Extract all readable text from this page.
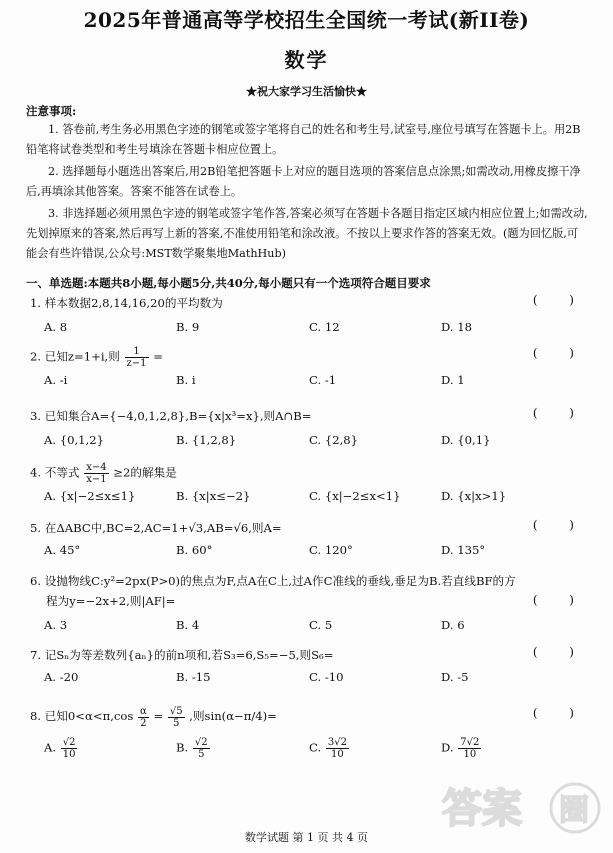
2025年普通高等学校招生全国统一考试(新II卷)
数学
★祝大家学习生活愉快★
注意事项:

1. 答卷前,考生务必用黑色字迹的钢笔或签字笔将自己的姓名和考生号,试室号,座位号填写在答题卡上。用2B铅笔将试卷类型和考生号填涂在答题卡相应位置上。

2. 选择题每小题选出答案后,用2B铅笔把答题卡上对应的题目选项的答案信息点涂黑;如需改动,用橡皮擦干净后,再填涂其他答案。答案不能答在试卷上。

3. 非选择题必须用黑色字迹的钢笔或签字笔作答,答案必须写在答题卡各题目指定区域内相应位置上;如需改动,先划掉原来的答案,然后再写上新的答案,不准使用铅笔和涂改液。不按以上要求作答的答案无效。(题为回忆版,可能会有些许错误,公众号:MST数学聚集地MathHub)

一、单选题:本题共8小题,每小题5分,共40分,每小题只有一个选项符合题目要求
1. 样本数据2,8,14,16,20的平均数为	( )
A. 8	B. 9	C. 12	D. 18
2. 已知z=1+i,则 $\frac{1}{z-1}$ =	( )
A. -i	B. i	C. -1	D. 1
3. 已知集合A={−4,0,1,2,8},B={x|x³=x},则A∩B=	( )
A. {0,1,2}	B. {1,2,8}	C. {2,8}	D. {0,1}
4. 不等式 $\frac{x-4}{x-1} \ge 2$的解集是
A. {x|−2≤x≤1}	B. {x|x≤−2}	C. {x|−2≤x<1}	D. {x|x>1}
5. 在ΔABC中,BC=2,AC=1+√3,AB=√6,则A=	( )
A. 45°	B. 60°	C. 120°	D. 135°
6. 设抛物线C:y²=2px(P>0)的焦点为F,点A在C上,过A作C准线的垂线,垂足为B.若直线BF的方
程为y=−2x+2,则|AF|=	( )
A. 3	B. 4	C. 5	D. 6
7. 记Sₙ为等差数列{aₙ}的前n项和,若S₃=6,S₅=−5,则S₆=	( )
A. -20	B. -15	C. -10	D. -5
8. 已知$0<\alpha<\pi,\cos \frac{\alpha}{2} = \frac{√5}{5}$ ,则sin(α−π/4)=	( )
A. $\frac{√2}{10}$	B. $\frac{√2}{5}$	C. $\frac{3√2}{10}$	D. $\frac{7√2}{10}$
数学试题 第 1 页 共 4 页
答案 圈
